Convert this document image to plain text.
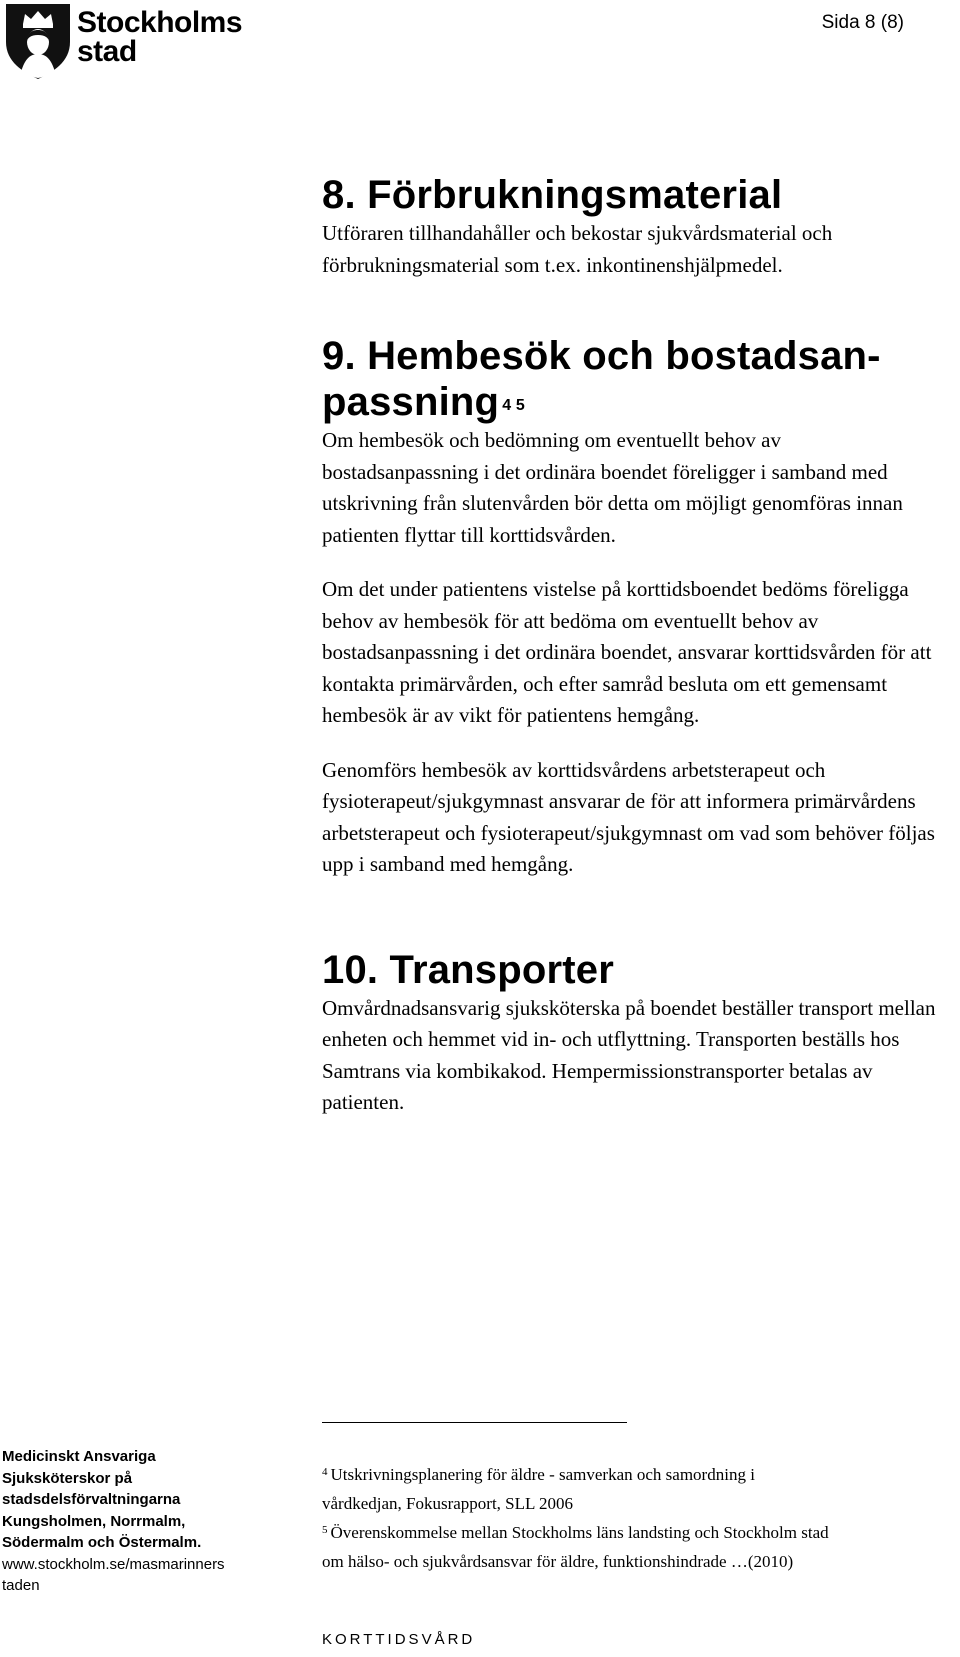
Stockholms
stad
Sida 8 (8)
8. Förbrukningsmaterial

Utföraren tillhandahåller och bekostar sjukvårdsmaterial och förbrukningsmaterial som t.ex. inkontinenshjälpmedel.

9. Hembesök och bostadsan-
passning $^{4 5}$

Om hembesök och bedömning om eventuellt behov av bostadsanpassning i det ordinära boendet föreligger i samband med utskrivning från slutenvården bör detta om möjligt genomföras innan patienten flyttar till korttidsvården.

Om det under patientens vistelse på korttidsboendet bedöms föreligga behov av hembesök för att bedöma om eventuellt behov av bostadsanpassning i det ordinära boendet, ansvarar korttidsvården för att kontakta primärvården, och efter samråd besluta om ett gemensamt hembesök är av vikt för patientens hemgång.

Genomförs hembesök av korttidsvårdens arbetsterapeut och fysioterapeut/sjukgymnast ansvarar de för att informera primärvårdens arbetsterapeut och fysioterapeut/sjukgymnast om vad som behöver följas upp i samband med hemgång.

10. Transporter

Omvårdnadsansvarig sjuksköterska på boendet beställer transport mellan enheten och hemmet vid in- och utflyttning. Transporten beställs hos Samtrans via kombikakod. Hempermissionstransporter betalas av patienten.

Medicinskt Ansvariga
Sjuksköterskor på
stadsdelsförvaltningarna
Kungsholmen, Norrmalm,
Södermalm och Östermalm.
www.stockholm.se/masmarinners
taden
$^4$ Utskrivningsplanering för äldre - samverkan och samordning i
vårdkedjan, Fokusrapport, SLL 2006
$^5$ Överenskommelse mellan Stockholms läns landsting och Stockholm stad
om hälso- och sjukvårdsansvar för äldre, funktionshindrade …(2010)
KORTTIDSVÅRD
